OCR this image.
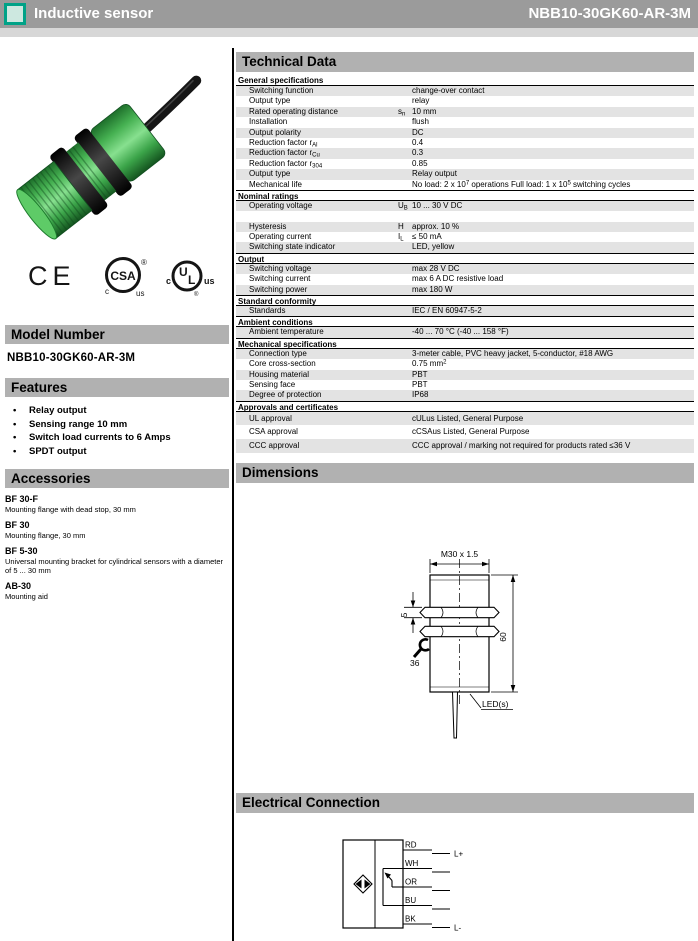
Inductive sensor	NBB10-30GK60-AR-3M
CE	CSA
c	us
®
U
L
c	us
®
Model Number
NBB10-30GK60-AR-3M
Features
• Relay output
• Sensing range 10 mm
• Switch load currents to 6 Amps
• SPDT output
Accessories
BF 30-F
Mounting flange with dead stop, 30 mm
BF 30
Mounting flange, 30 mm
BF 5-30
Universal mounting bracket for cylindrical sensors with a diameter of 5 ... 30 mm
AB-30
Mounting aid
Technical Data
General specifications
Switching function	change-over contact
Output type	relay
Rated operating distance	$s_n$ 10 mm
Installation	flush
Output polarity	DC
Reduction factor $r_{Al}$	0.4
Reduction factor $r_{Cu}$	0.3
Reduction factor $r_{304}$	0.85
Output type	Relay output
Mechanical life	No load: 2 x $10^7$ operations Full load: 1 x $10^5$ switching cycles
Nominal ratings
Operating voltage	$U_B$ 10 ... 30 V DC
Hysteresis	H	approx. 10 %
Operating current	$I_L$	≤ 50 mA
Switching state indicator	LED, yellow
Output
Switching voltage	max 28 V DC
Switching current	max 6 A DC resistive load
Switching power	max 180 W
Standard conformity
Standards	IEC / EN 60947-5-2
Ambient conditions
Ambient temperature	-40 ... 70 °C (-40 ... 158 °F)
Mechanical specifications
Connection type	3-meter cable, PVC heavy jacket, 5-conductor, #18 AWG
Core cross-section	0.75 $mm^2$
Housing material	PBT
Sensing face	PBT
Degree of protection	IP68
Approvals and certificates
UL approval	cULus Listed, General Purpose
CSA approval	cCSAus Listed, General Purpose
CCC approval	CCC approval / marking not required for products rated ≤36 V
Dimensions
M30 x 1.5
5
36
60
LED(s)
Electrical Connection
RD
WH
OR
BU
BK
L+
L-
